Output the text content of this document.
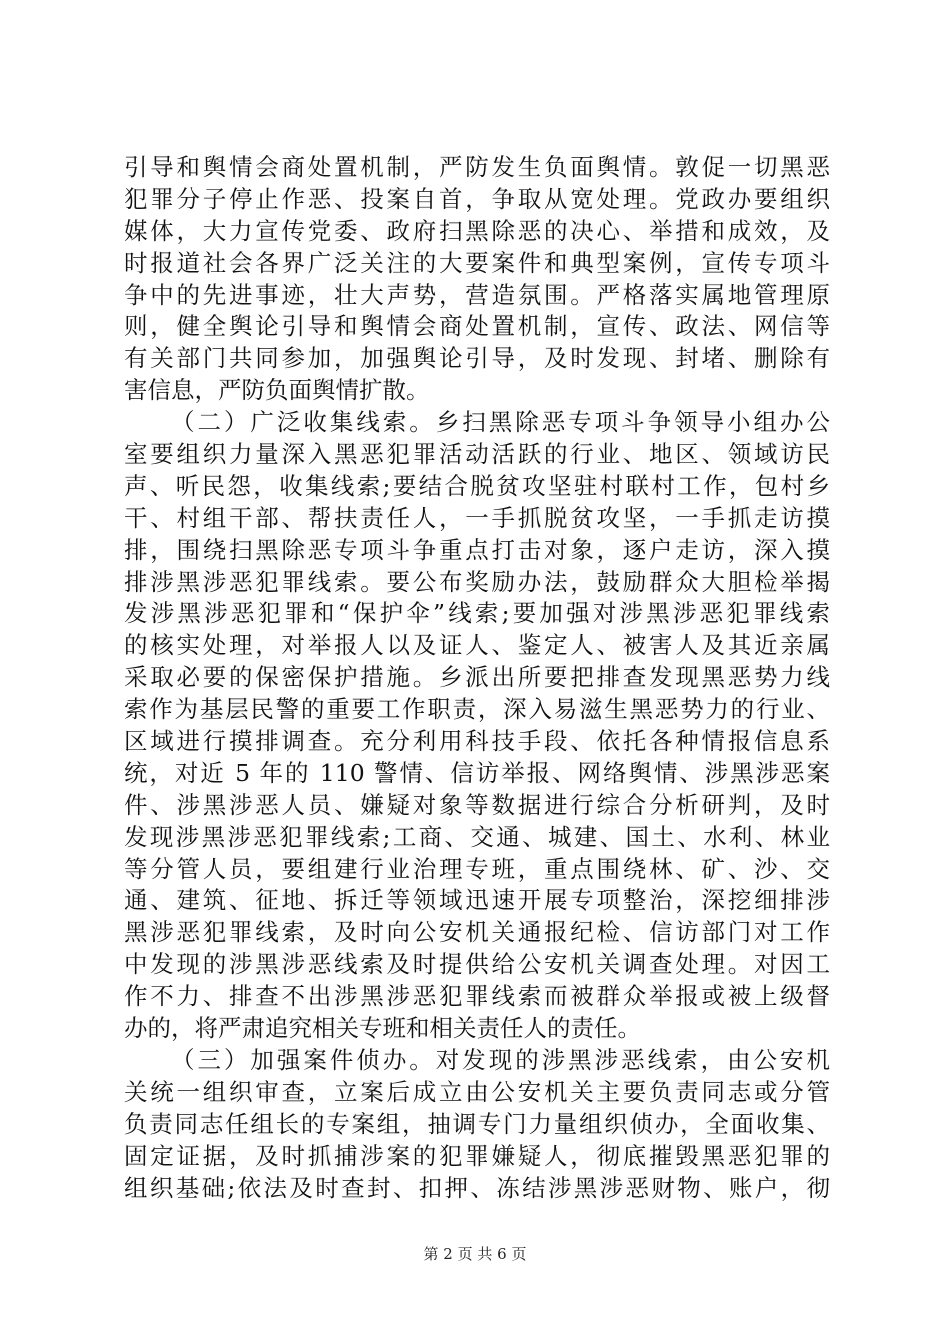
引导和舆情会商处置机制，严防发生负面舆情。敦促一切黑恶
犯罪分子停止作恶、投案自首，争取从宽处理。党政办要组织
媒体，大力宣传党委、政府扫黑除恶的决心、举措和成效，及
时报道社会各界广泛关注的大要案件和典型案例，宣传专项斗
争中的先进事迹，壮大声势，营造氛围。严格落实属地管理原
则，健全舆论引导和舆情会商处置机制，宣传、政法、网信等
有关部门共同参加，加强舆论引导，及时发现、封堵、删除有
害信息，严防负面舆情扩散。
（二）广泛收集线索。乡扫黑除恶专项斗争领导小组办公
室要组织力量深入黑恶犯罪活动活跃的行业、地区、领域访民
声、听民怨，收集线索;要结合脱贫攻坚驻村联村工作，包村乡
干、村组干部、帮扶责任人，一手抓脱贫攻坚，一手抓走访摸
排，围绕扫黑除恶专项斗争重点打击对象，逐户走访，深入摸
排涉黑涉恶犯罪线索。要公布奖励办法，鼓励群众大胆检举揭
发涉黑涉恶犯罪和“保护伞”线索;要加强对涉黑涉恶犯罪线索
的核实处理，对举报人以及证人、鉴定人、被害人及其近亲属
采取必要的保密保护措施。乡派出所要把排查发现黑恶势力线
索作为基层民警的重要工作职责，深入易滋生黑恶势力的行业、
区域进行摸排调查。充分利用科技手段、依托各种情报信息系
统，对近 5 年的 110 警情、信访举报、网络舆情、涉黑涉恶案
件、涉黑涉恶人员、嫌疑对象等数据进行综合分析研判，及时
发现涉黑涉恶犯罪线索;工商、交通、城建、国土、水利、林业
等分管人员，要组建行业治理专班，重点围绕林、矿、沙、交
通、建筑、征地、拆迁等领域迅速开展专项整治，深挖细排涉
黑涉恶犯罪线索，及时向公安机关通报纪检、信访部门对工作
中发现的涉黑涉恶线索及时提供给公安机关调查处理。对因工
作不力、排查不出涉黑涉恶犯罪线索而被群众举报或被上级督
办的，将严肃追究相关专班和相关责任人的责任。
（三）加强案件侦办。对发现的涉黑涉恶线索，由公安机
关统一组织审查，立案后成立由公安机关主要负责同志或分管
负责同志任组长的专案组，抽调专门力量组织侦办，全面收集、
固定证据，及时抓捕涉案的犯罪嫌疑人，彻底摧毁黑恶犯罪的
组织基础;依法及时查封、扣押、冻结涉黑涉恶财物、账户，彻
第 2 页 共 6 页
